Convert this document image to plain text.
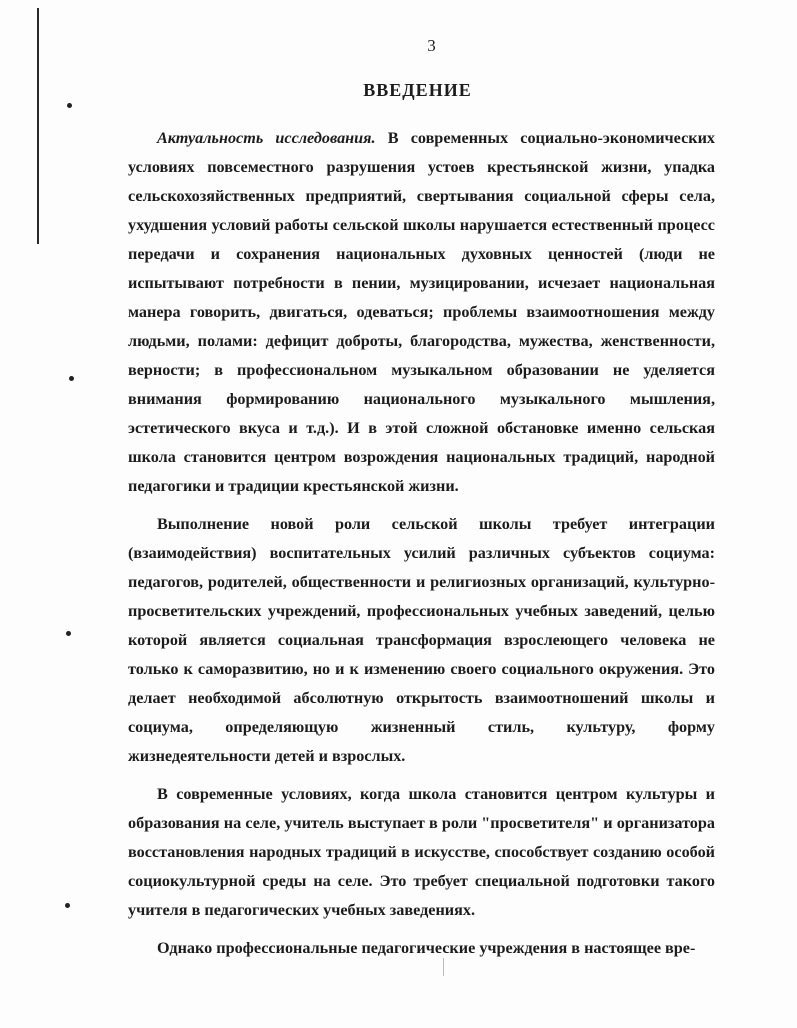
3
ВВЕДЕНИЕ

Актуальность исследования. В современных социально-экономических условиях повсеместного разрушения устоев крестьянской жизни, упадка сельскохозяйственных предприятий, свертывания социальной сферы села, ухудшения условий работы сельской школы нарушается естественный процесс передачи и сохранения национальных духовных ценностей (люди не испытывают потребности в пении, музицировании, исчезает национальная манера говорить, двигаться, одеваться; проблемы взаимоотношения между людьми, полами: дефицит доброты, благородства, мужества, женственности, верности; в профессиональном музыкальном образовании не уделяется внимания формированию национального музыкального мышления, эстетического вкуса и т.д.). И в этой сложной обстановке именно сельская школа становится центром возрождения национальных традиций, народной педагогики и традиции крестьянской жизни.

Выполнение новой роли сельской школы требует интеграции (взаимодействия) воспитательных усилий различных субъектов социума: педагогов, родителей, общественности и религиозных организаций, культурно-просветительских учреждений, профессиональных учебных заведений, целью которой является социальная трансформация взрослеющего человека не только к саморазвитию, но и к изменению своего социального окружения. Это делает необходимой абсолютную открытость взаимоотношений школы и социума, определяющую жизненный стиль, культуру, форму жизнедеятельности детей и взрослых.

В современные условиях, когда школа становится центром культуры и образования на селе, учитель выступает в роли "просветителя" и организатора восстановления народных традиций в искусстве, способствует созданию особой социокультурной среды на селе. Это требует специальной подготовки такого учителя в педагогических учебных заведениях.

Однако профессиональные педагогические учреждения в настоящее вре-
